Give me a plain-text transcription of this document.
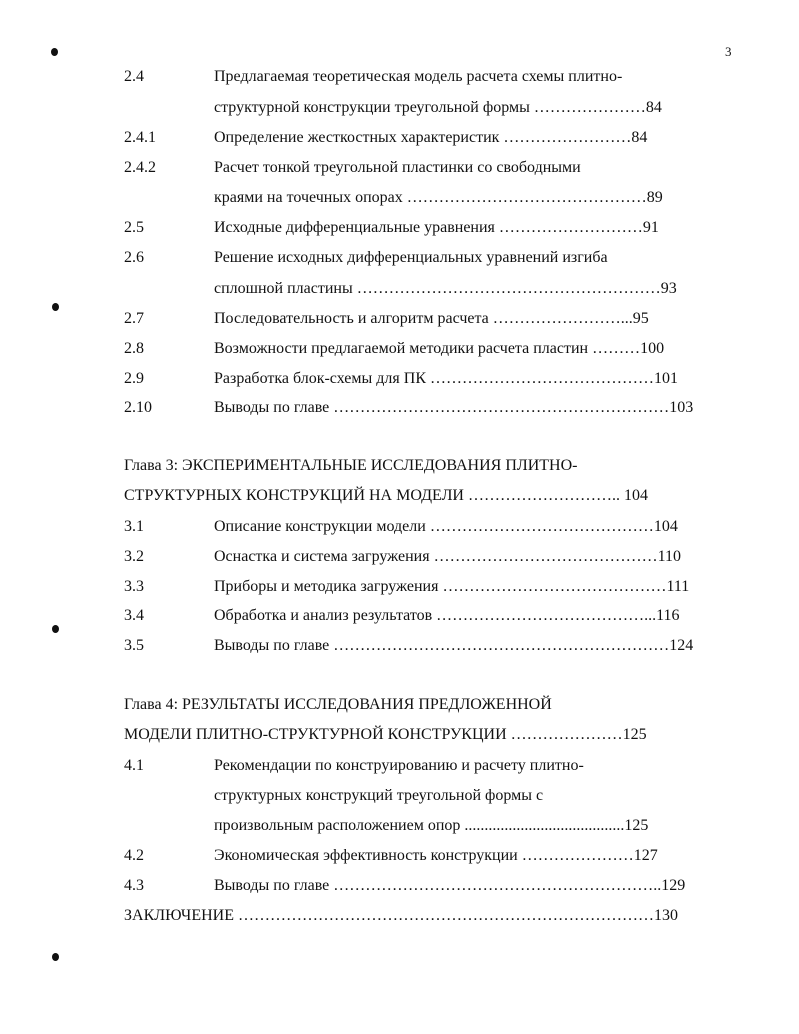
3
2.4	Предлагаемая теоретическая модель расчета схемы плитно-
структурной конструкции треугольной формы …………………84
2.4.1	Определение жесткостных характеристик ……………………84
2.4.2	Расчет тонкой треугольной пластинки со свободными
краями на точечных опорах ………………………………………89
2.5	Исходные дифференциальные уравнения ………………………91
2.6	Решение исходных дифференциальных уравнений изгиба
сплошной пластины …………………………………………………93
2.7	Последовательность и алгоритм расчета ……………………...95
2.8	Возможности предлагаемой методики расчета пластин ………100
2.9	Разработка блок-схемы для ПК ……………………………………101
2.10	Выводы по главе ………………………………………………………103
Глава 3: ЭКСПЕРИМЕНТАЛЬНЫЕ ИССЛЕДОВАНИЯ ПЛИТНО-
СТРУКТУРНЫХ КОНСТРУКЦИЙ НА МОДЕЛИ ……………………….. 104
3.1	Описание конструкции модели ……………………………………104
3.2	Оснастка и система загружения ……………………………………110
3.3	Приборы и методика загружения ……………………………………111
3.4	Обработка и анализ результатов …………………………………...116
3.5	Выводы по главе ………………………………………………………124
Глава 4: РЕЗУЛЬТАТЫ ИССЛЕДОВАНИЯ ПРЕДЛОЖЕННОЙ
МОДЕЛИ ПЛИТНО-СТРУКТУРНОЙ КОНСТРУКЦИИ …………………125
4.1	Рекомендации по конструированию и расчету плитно-
структурных конструкций треугольной формы с
произвольным расположением опор ........................................125
4.2	Экономическая эффективность конструкции …………………127
4.3	Выводы по главе ……………………………………………………..129
ЗАКЛЮЧЕНИЕ ……………………………………………………………………130
